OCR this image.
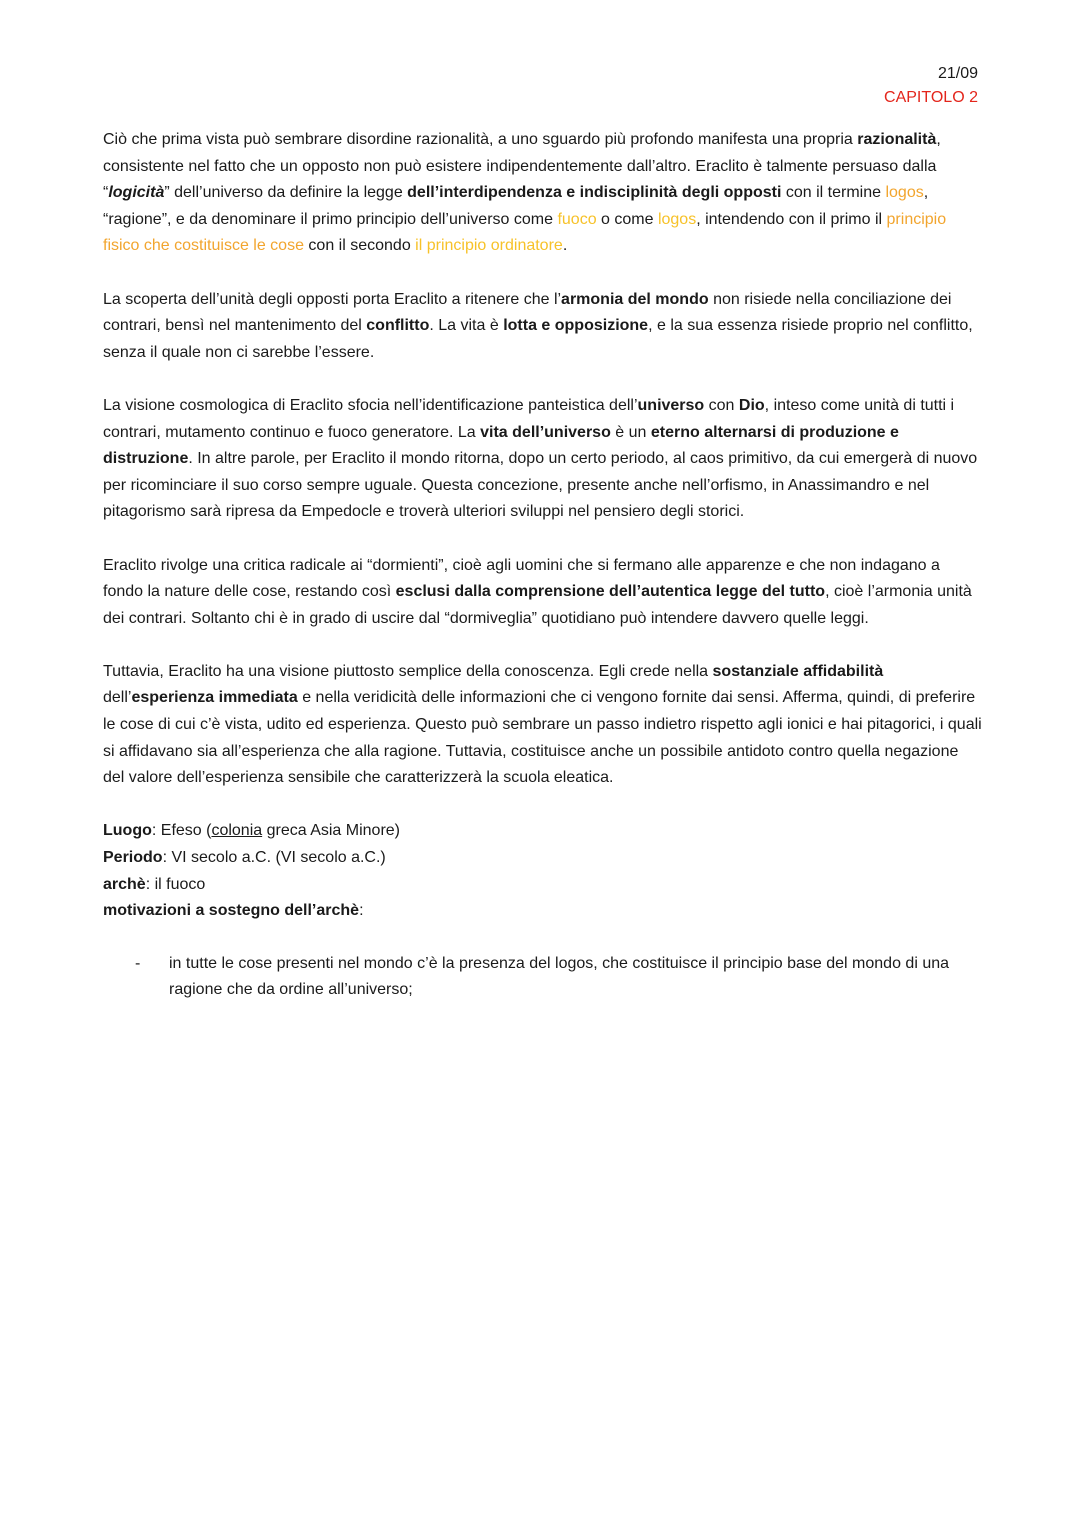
21/09
CAPITOLO 2

Ciò che prima vista può sembrare disordine razionalità, a uno sguardo più profondo manifesta una propria razionalità, consistente nel fatto che un opposto non può esistere indipendentemente dall’altro. Eraclito è talmente persuaso dalla “logicità” dell’universo da definire la legge dell’interdipendenza e indisciplinità degli opposti con il termine logos, “ragione”, e da denominare il primo principio dell’universo come fuoco o come logos, intendendo con il primo il principio fisico che costituisce le cose con il secondo il principio ordinatore.

La scoperta dell’unità degli opposti porta Eraclito a ritenere che l’armonia del mondo non risiede nella conciliazione dei contrari, bensì nel mantenimento del conflitto. La vita è lotta e opposizione, e la sua essenza risiede proprio nel conflitto, senza il quale non ci sarebbe l’essere.

La visione cosmologica di Eraclito sfocia nell’identificazione panteistica dell’universo con Dio, inteso come unità di tutti i contrari, mutamento continuo e fuoco generatore. La vita dell’universo è un eterno alternarsi di produzione e distruzione. In altre parole, per Eraclito il mondo ritorna, dopo un certo periodo, al caos primitivo, da cui emergerà di nuovo per ricominciare il suo corso sempre uguale. Questa concezione, presente anche nell’orfismo, in Anassimandro e nel pitagorismo sarà ripresa da Empedocle e troverà ulteriori sviluppi nel pensiero degli storici.

Eraclito rivolge una critica radicale ai “dormienti”, cioè agli uomini che si fermano alle apparenze e che non indagano a fondo la nature delle cose, restando così esclusi dalla comprensione dell’autentica legge del tutto, cioè l’armonia unità dei contrari. Soltanto chi è in grado di uscire dal “dormiveglia” quotidiano può intendere davvero quelle leggi.

Tuttavia, Eraclito ha una visione piuttosto semplice della conoscenza. Egli crede nella sostanziale affidabilità dell’esperienza immediata e nella veridicità delle informazioni che ci vengono fornite dai sensi. Afferma, quindi, di preferire le cose di cui c’è vista, udito ed esperienza. Questo può sembrare un passo indietro rispetto agli ionici e hai pitagorici, i quali si affidavano sia all’esperienza che alla ragione. Tuttavia, costituisce anche un possibile antidoto contro quella negazione del valore dell’esperienza sensibile che caratterizzerà la scuola eleatica.

Luogo: Efeso (colonia greca Asia Minore)
Periodo: VI secolo a.C. (VI secolo a.C.)
archè: il fuoco
motivazioni a sostegno dell’archè:
- in tutte le cose presenti nel mondo c’è la presenza del logos, che costituisce il principio base del mondo di una ragione che da ordine all’universo;
